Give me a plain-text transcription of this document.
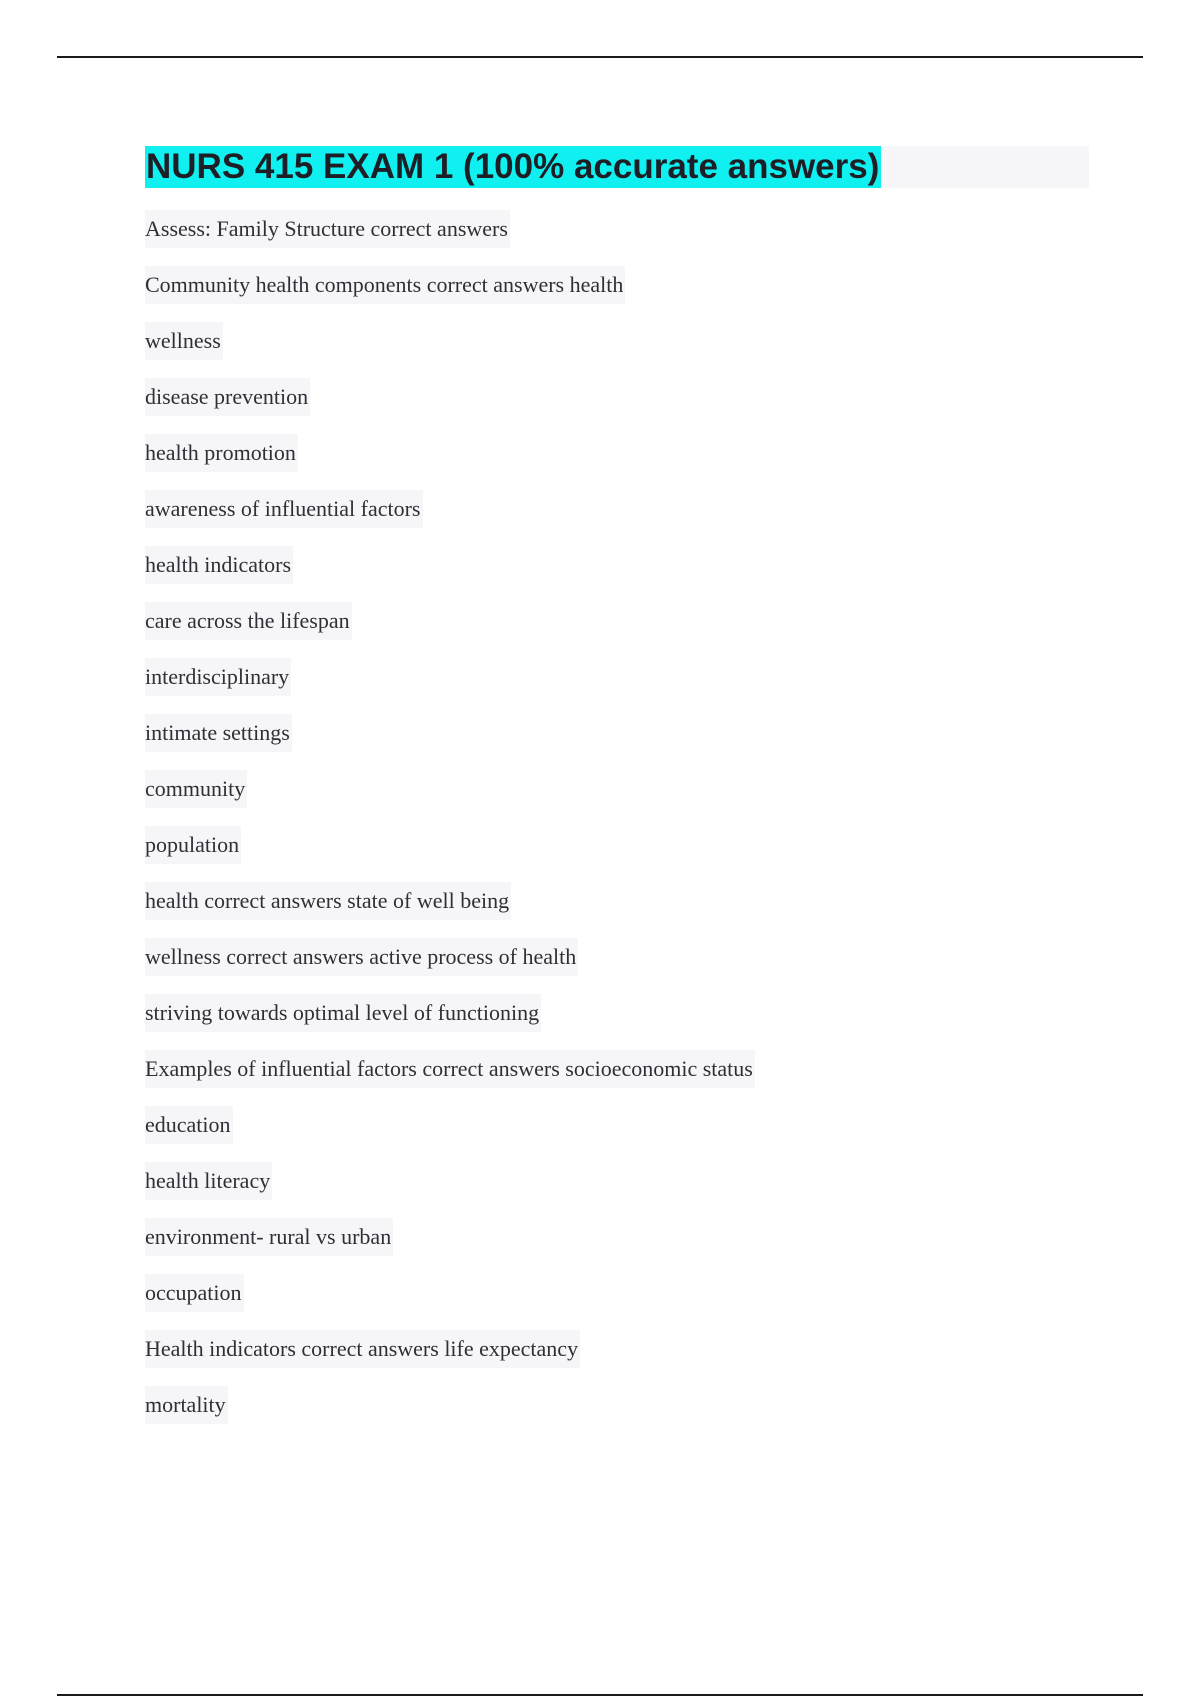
NURS 415 EXAM 1 (100% accurate answers)
Assess: Family Structure correct answers
Community health components correct answers health
wellness
disease prevention
health promotion
awareness of influential factors
health indicators
care across the lifespan
interdisciplinary
intimate settings
community
population
health correct answers state of well being
wellness correct answers active process of health
striving towards optimal level of functioning
Examples of influential factors correct answers socioeconomic status
education
health literacy
environment- rural vs urban
occupation
Health indicators correct answers life expectancy
mortality
